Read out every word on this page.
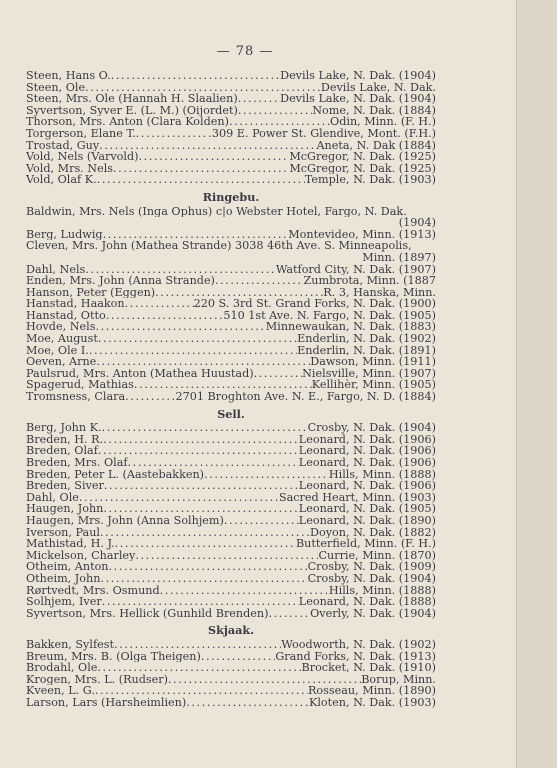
— 78 —
Steen, Hans O. .....	Devils Lake, N. Dak. (1904)
Steen, Ole .....	Devils Lake, N. Dak.
Steen, Mrs. Ole (Hannah H. Slaalien) .....	Devils Lake, N. Dak. (1904)
Syvertson, Syver E. (L. M.) (Oijordet) .....	Nome, N. Dak. (1884)
Thorson, Mrs. Anton (Clara Kolden) .....	Odin, Minn. (F. H.)
Torgerson, Elane T. .....	309 E. Power St. Glendive, Mont. (F.H.)
Trostad, Guy .....	Aneta, N. Dak (1884)
Vold, Nels (Varvold) .....	McGregor, N. Dak. (1925)
Vold, Mrs. Nels .....	McGregor, N. Dak. (1925)
Vold, Olaf K. .....	Temple, N. Dak. (1903)
Ringebu.
Baldwin, Mrs. Nels (Inga Ophus) c|o Webster Hotel, Fargo, N. Dak.
(1904)
Berg, Ludwig .....	Montevideo, Minn. (1913)
Cleven, Mrs. John (Mathea Strande) 3038 46th Ave. S. Minneapolis,
Minn. (1897)
Dahl, Nels .....	Watford City, N. Dak. (1907)
Enden, Mrs. John (Anna Strande) .....	Zumbrota, Minn. (1887
Hanson, Peter (Eggen) .....	R. 3, Hanska, Minn.
Hanstad, Haakon .....	220 S. 3rd St. Grand Forks, N. Dak. (1900)
Hanstad, Otto .....	510 1st Ave. N. Fargo, N. Dak. (1905)
Hovde, Nels .....	Minnewaukan, N. Dak. (1883)
Moe, August .....	Enderlin, N. Dak. (1902)
Moe, Ole I. .....	Enderlin, N. Dak. (1891)
Oeven, Arne .....	Dawson, Minn. (1911)
Paulsrud, Mrs. Anton (Mathea Huustad) .....	Nielsville, Minn. (1907)
Spagerud, Mathias .....	Kellihèr, Minn. (1905)
Tromsness, Clara .....	2701 Broghton Ave. N. E., Fargo, N. D. (1884)
Sell.
Berg, John K. .....	Crosby, N. Dak. (1904)
Breden, H. R. .....	Leonard, N. Dak. (1906)
Breden, Olaf .....	Leonard, N. Dak. (1906)
Breden, Mrs. Olaf .....	Leonard, N. Dak. (1906)
Breden, Peter L. (Aastebakken) .....	Hills, Minn. (1888)
Breden, Siver .....	Leonard, N. Dak. (1906)
Dahl, Ole .....	Sacred Heart, Minn. (1903)
Haugen, John .....	Leonard, N. Dak. (1905)
Haugen, Mrs. John (Anna Solhjem) .....	Leonard, N. Dak. (1890)
Iverson, Paul .....	Doyon, N. Dak. (1882)
Mathistad, H. J. .....	Butterfield, Minn. (F. H.)
Mickelson, Charley .....	Currie, Minn. (1870)
Otheim, Anton .....	Crosby, N. Dak. (1909)
Otheim, John .....	Crosby, N. Dak. (1904)
Rørtvedt, Mrs. Osmund .....	Hills, Minn. (1888)
Solhjem, Iver .....	Leonard, N. Dak. (1888)
Syvertson, Mrs. Hellick (Gunhild Brenden) .....	Overly, N. Dak. (1904)
Skjaak.
Bakken, Sylfest .....	Woodworth, N. Dak. (1902)
Breum, Mrs. B. (Olga Theigen) .....	Grand Forks, N. Dak. (1913)
Brodahl, Ole .....	Brocket, N. Dak. (1910)
Krogen, Mrs. L. (Rudser) .....	Borup, Minn.
Kveen, L. G. .....	Rosseau, Minn. (1890)
Larson, Lars (Harsheimlien) .....	Kloten, N. Dak. (1903)
